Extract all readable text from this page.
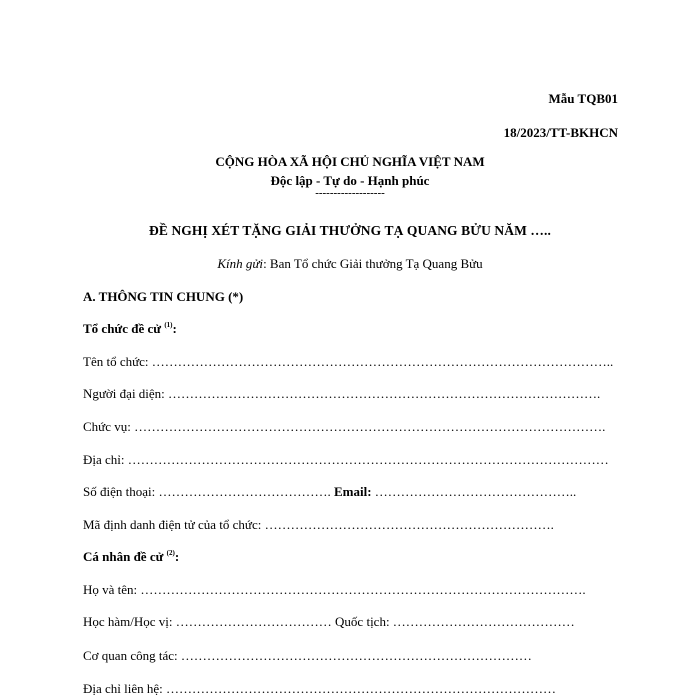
Mẫu TQB01
18/2023/TT-BKHCN
CỘNG HÒA XÃ HỘI CHỦ NGHĨA VIỆT NAM
Độc lập - Tự do - Hạnh phúc
-------------------
ĐỀ NGHỊ XÉT TẶNG GIẢI THƯỞNG TẠ QUANG BỬU NĂM …..
Kính gửi: Ban Tổ chức Giải thưởng Tạ Quang Bửu
A. THÔNG TIN CHUNG (*)
Tổ chức đề cử $^{(1)}$:
Tên tổ chức: ……………………………………………………………………………………………..
Người đại diện: ……………………………………………………………………………………….
Chức vụ: ……………………………………………………………………………………………….
Địa chỉ: …………………………………………………………………………………………………
Số điện thoại: …………………………………. Email: ………………………………………..
Mã định danh điện tử của tổ chức: ………………………………………………………….
Cá nhân đề cử $^{(2)}$:
Họ và tên: ………………………………………………………………………………………….
Học hàm/Học vị: ……………………………… Quốc tịch: ……………………………………
Cơ quan công tác: ………………………………………………………………………
Địa chỉ liên hệ: ………………………………………………………………………………
